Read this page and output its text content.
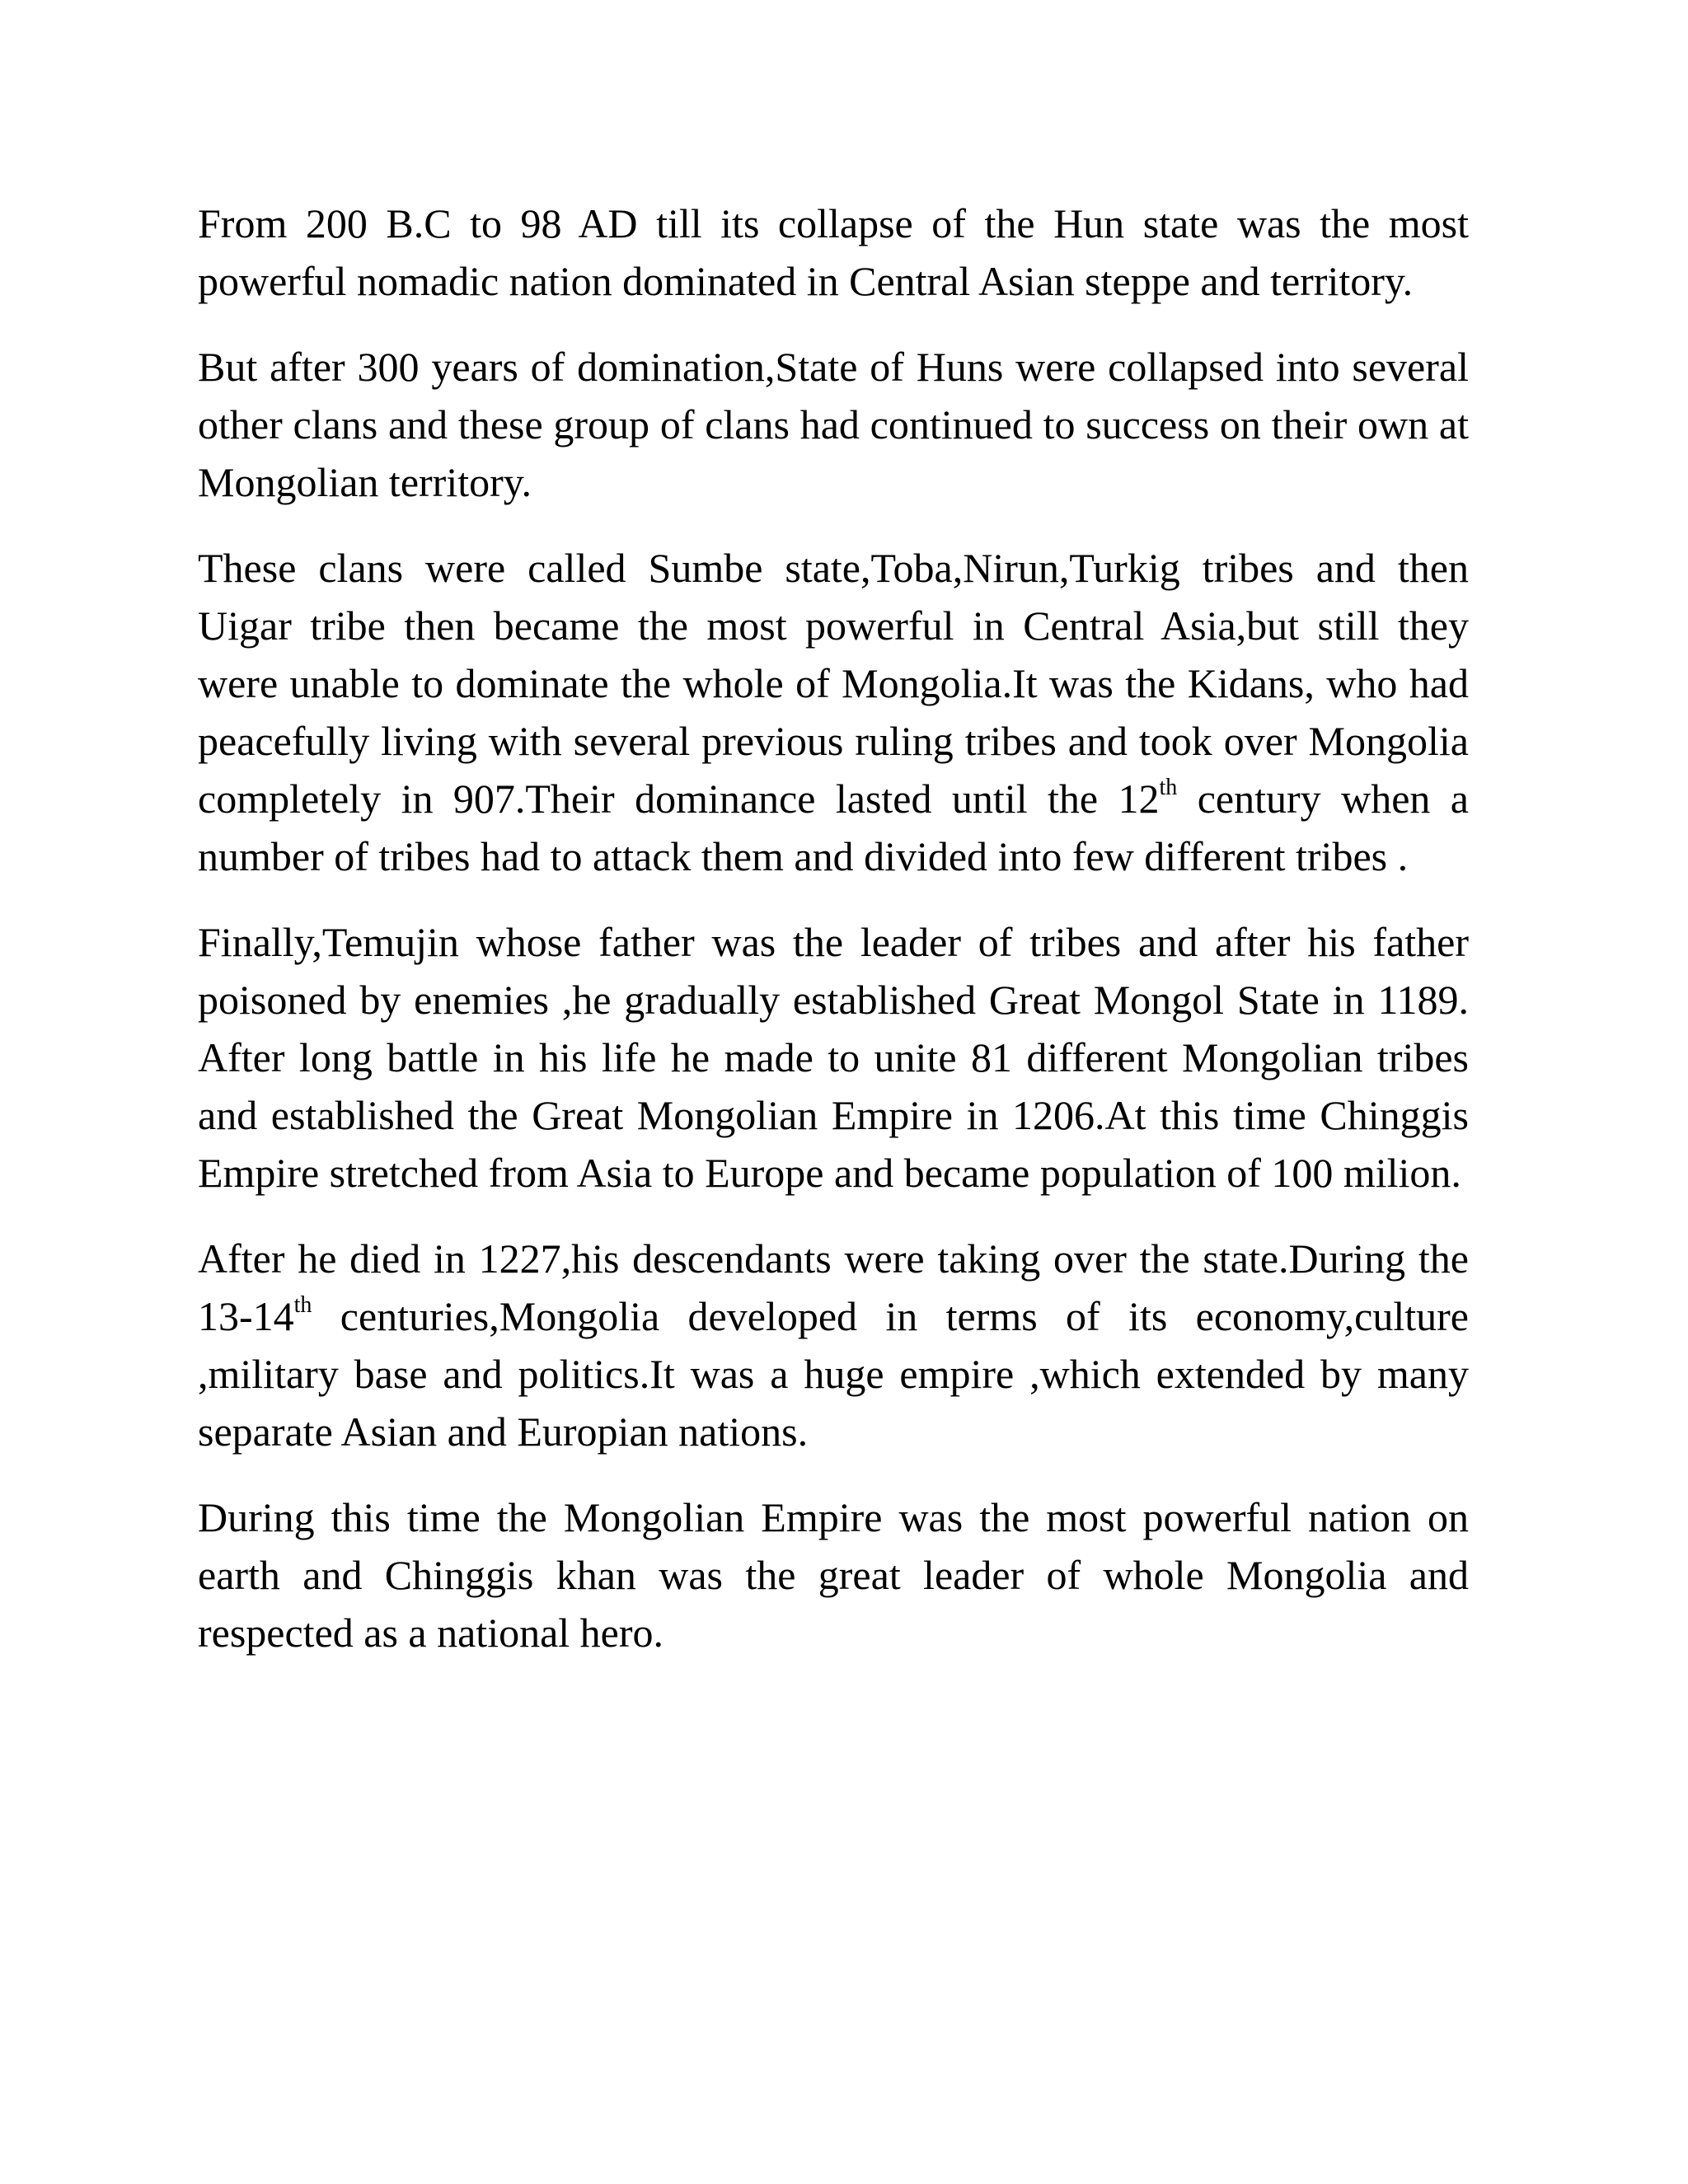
From 200 B.C to 98 AD till its collapse of the Hun state was the most powerful nomadic nation dominated in Central Asian steppe and territory.

But after 300 years of domination,State of Huns were collapsed into several other clans and these group of clans had continued to success on their own at Mongolian territory.

These clans were called Sumbe state,Toba,Nirun,Turkig tribes and then Uigar tribe then became the most powerful in Central Asia,but still they were unable to dominate the whole of Mongolia.It was the Kidans, who had peacefully living with several previous ruling tribes and took over Mongolia completely in 907.Their dominance lasted until the 12th century when a number of tribes had to attack them and divided into few different tribes .

Finally,Temujin whose father was the leader of tribes and after his father poisoned by enemies ,he gradually established Great Mongol State in 1189. After long battle in his life he made to unite 81 different Mongolian tribes and established the Great Mongolian Empire in 1206.At this time Chinggis Empire stretched from Asia to Europe and became population of 100 milion.

After he died in 1227,his descendants were taking over the state.During the 13-14th centuries,Mongolia developed in terms of its economy,culture ,military base and politics.It was a huge empire ,which extended by many separate Asian and Europian nations.

During this time the Mongolian Empire was the most powerful nation on earth and Chinggis khan was the great leader of whole Mongolia and respected as a national hero.
